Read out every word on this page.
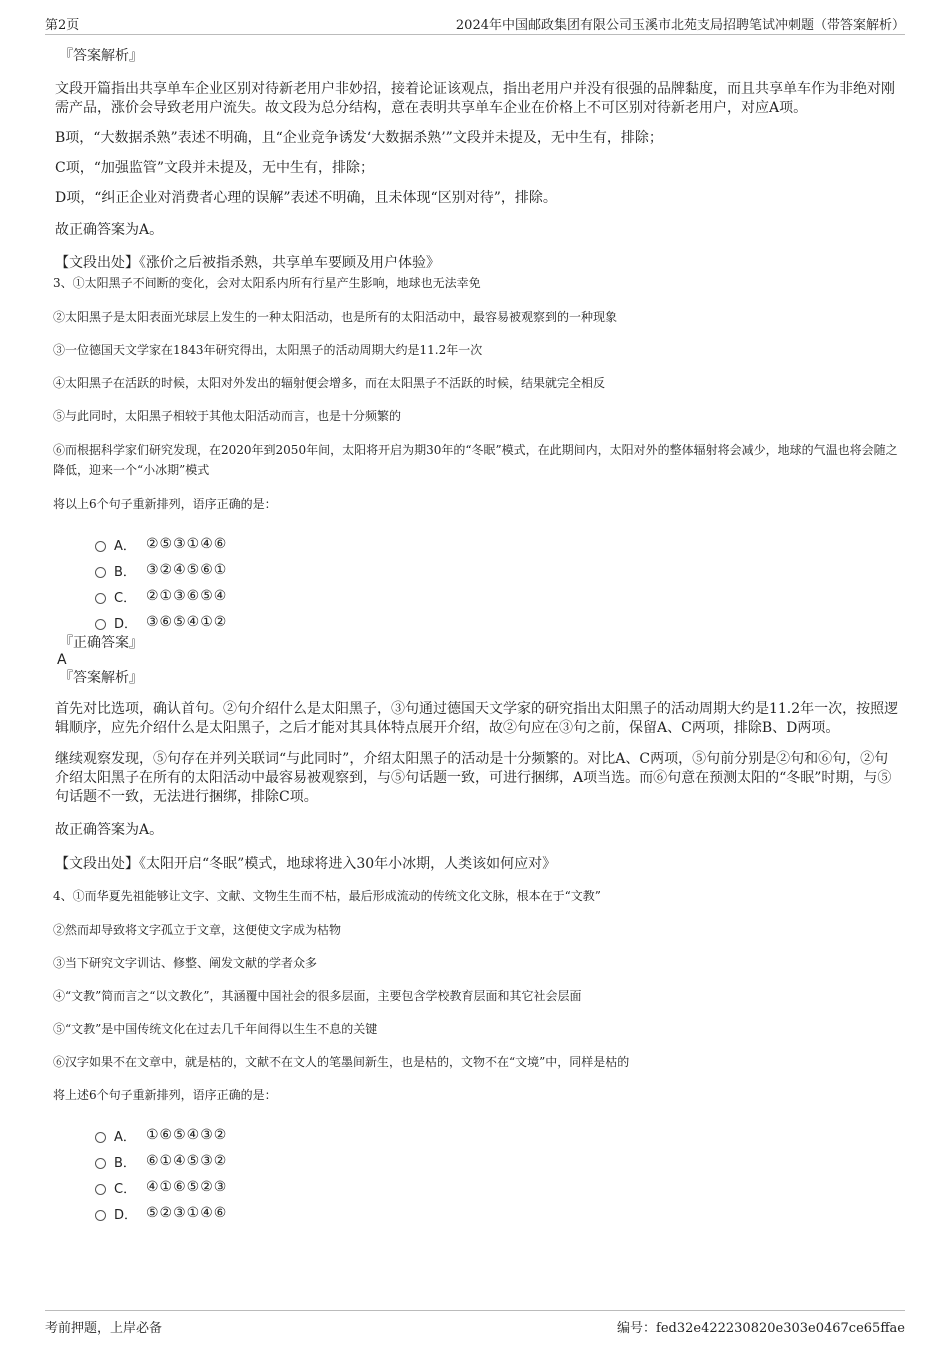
第2页	2024年中国邮政集团有限公司玉溪市北苑支局招聘笔试冲刺题（带答案解析）
『答案解析』

文段开篇指出共享单车企业区别对待新老用户非妙招，接着论证该观点，指出老用户并没有很强的品牌黏度，而且共享单车作为非绝对刚需产品，涨价会导致老用户流失。故文段为总分结构，意在表明共享单车企业在价格上不可区别对待新老用户，对应A项。

B项，“大数据杀熟”表述不明确，且“企业竞争诱发‘大数据杀熟’”文段并未提及，无中生有，排除；

C项，“加强监管”文段并未提及，无中生有，排除；

D项，“纠正企业对消费者心理的误解”表述不明确，且未体现“区别对待”，排除。

故正确答案为A。

【文段出处】《涨价之后被指杀熟，共享单车要顾及用户体验》

3、①太阳黑子不间断的变化，会对太阳系内所有行星产生影响，地球也无法幸免

②太阳黑子是太阳表面光球层上发生的一种太阳活动，也是所有的太阳活动中，最容易被观察到的一种现象

③一位德国天文学家在1843年研究得出，太阳黑子的活动周期大约是11.2年一次

④太阳黑子在活跃的时候，太阳对外发出的辐射便会增多，而在太阳黑子不活跃的时候，结果就完全相反

⑤与此同时，太阳黑子相较于其他太阳活动而言，也是十分频繁的

⑥而根据科学家们研究发现，在2020年到2050年间，太阳将开启为期30年的“冬眠”模式，在此期间内，太阳对外的整体辐射将会减少，地球的气温也将会随之降低，迎来一个“小冰期”模式

将以上6个句子重新排列，语序正确的是：

A． ②⑤③①④⑥
B． ③②④⑤⑥①
C． ②①③⑥⑤④
D． ③⑥⑤④①②
『正确答案』
A
『答案解析』

首先对比选项，确认首句。②句介绍什么是太阳黑子，③句通过德国天文学家的研究指出太阳黑子的活动周期大约是11.2年一次，按照逻辑顺序，应先介绍什么是太阳黑子，之后才能对其具体特点展开介绍，故②句应在③句之前，保留A、C两项，排除B、D两项。

继续观察发现，⑤句存在并列关联词“与此同时”，介绍太阳黑子的活动是十分频繁的。对比A、C两项，⑤句前分别是②句和⑥句，②句介绍太阳黑子在所有的太阳活动中最容易被观察到，与⑤句话题一致，可进行捆绑，A项当选。而⑥句意在预测太阳的“冬眠”时期，与⑤句话题不一致，无法进行捆绑，排除C项。

故正确答案为A。

【文段出处】《太阳开启“冬眠”模式，地球将进入30年小冰期，人类该如何应对》

4、①而华夏先祖能够让文字、文献、文物生生而不枯，最后形成流动的传统文化文脉，根本在于“文教”

②然而却导致将文字孤立于文章，这便使文字成为枯物

③当下研究文字训诂、修整、阐发文献的学者众多

④“文教”简而言之“以文教化”，其涵覆中国社会的很多层面，主要包含学校教育层面和其它社会层面

⑤“文教”是中国传统文化在过去几千年间得以生生不息的关键

⑥汉字如果不在文章中，就是枯的，文献不在文人的笔墨间新生，也是枯的，文物不在“文境”中，同样是枯的

将上述6个句子重新排列，语序正确的是：

A． ①⑥⑤④③②
B． ⑥①④⑤③②
C． ④①⑥⑤②③
D． ⑤②③①④⑥
考前押题，上岸必备	编号：fed32e422230820e303e0467ce65ffae
